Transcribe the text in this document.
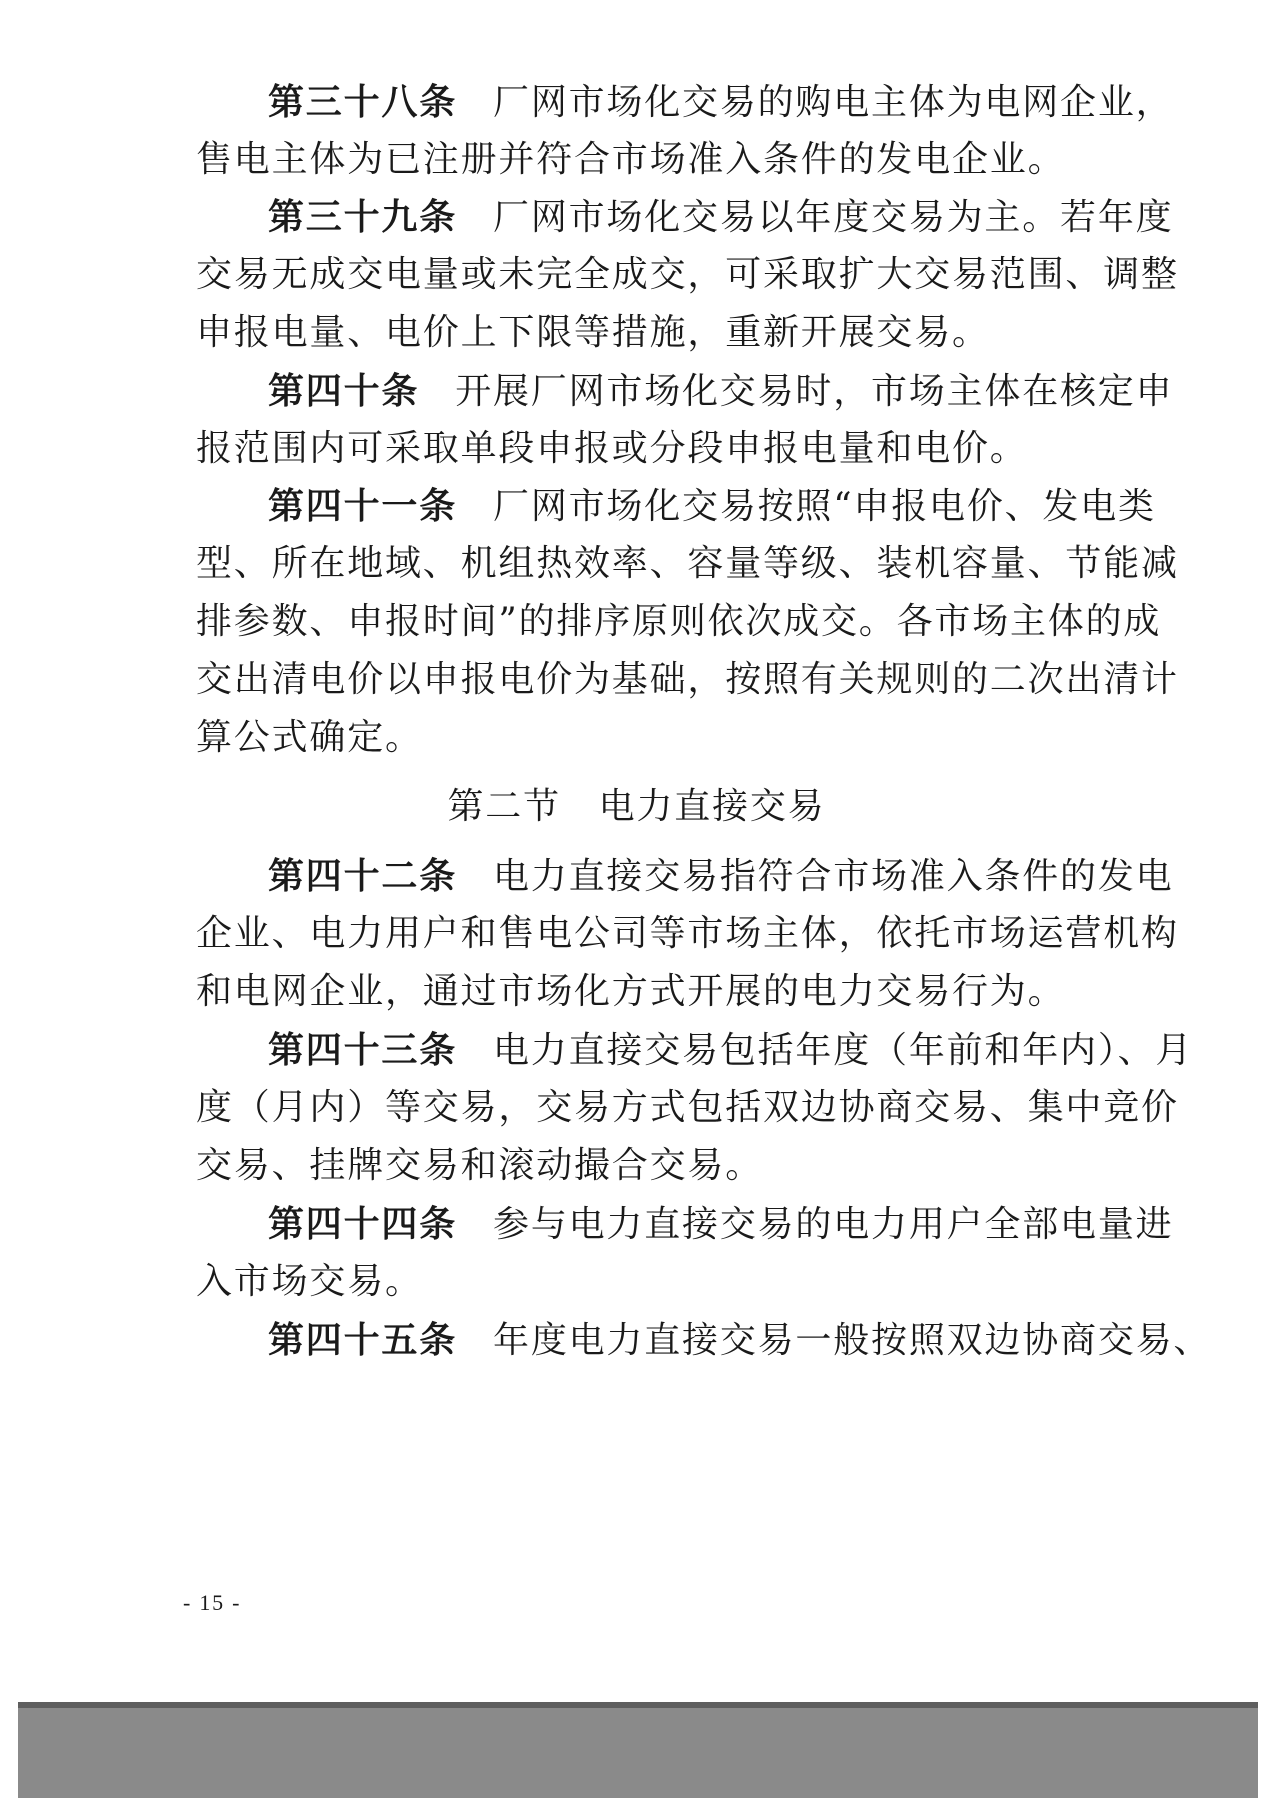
第三十八条 厂网市场化交易的购电主体为电网企业，
售电主体为已注册并符合市场准入条件的发电企业。
第三十九条 厂网市场化交易以年度交易为主。若年度
交易无成交电量或未完全成交，可采取扩大交易范围、调整
申报电量、电价上下限等措施，重新开展交易。
第四十条 开展厂网市场化交易时，市场主体在核定申
报范围内可采取单段申报或分段申报电量和电价。
第四十一条 厂网市场化交易按照“申报电价、发电类
型、所在地域、机组热效率、容量等级、装机容量、节能减
排参数、申报时间”的排序原则依次成交。各市场主体的成
交出清电价以申报电价为基础，按照有关规则的二次出清计
算公式确定。
第二节　电力直接交易
第四十二条 电力直接交易指符合市场准入条件的发电
企业、电力用户和售电公司等市场主体，依托市场运营机构
和电网企业，通过市场化方式开展的电力交易行为。
第四十三条 电力直接交易包括年度（年前和年内）、月
度（月内）等交易，交易方式包括双边协商交易、集中竞价
交易、挂牌交易和滚动撮合交易。
第四十四条 参与电力直接交易的电力用户全部电量进
入市场交易。
第四十五条 年度电力直接交易一般按照双边协商交易、
- 15 -
